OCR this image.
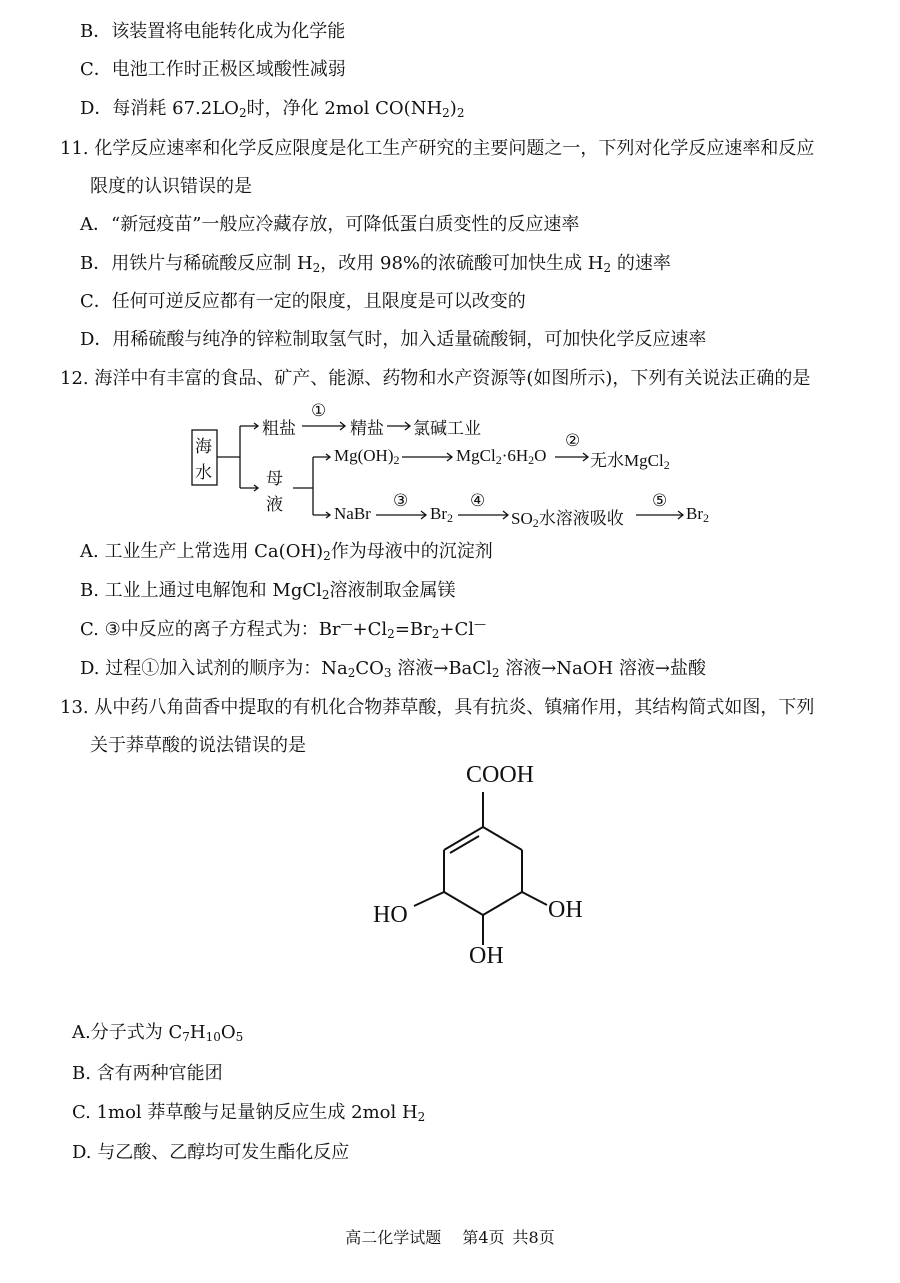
B．该装置将电能转化成为化学能
C．电池工作时正极区域酸性减弱
D．每消耗 $67.2LO_2$时，净化 2mol $CO(NH_2)_2$
11. 化学反应速率和化学反应限度是化工生产研究的主要问题之一，下列对化学反应速率和反应
限度的认识错误的是
A．“新冠疫苗”一般应冷藏存放，可降低蛋白质变性的反应速率
B．用铁片与稀硫酸反应制 $H_2$，改用 98%的浓硫酸可加快生成 $H_2$ 的速率
C．任何可逆反应都有一定的限度，且限度是可以改变的
D．用稀硫酸与纯净的锌粒制取氢气时，加入适量硫酸铜，可加快化学反应速率
12. 海洋中有丰富的食品、矿产、能源、药物和水产资源等(如图所示)，下列有关说法正确的是
海
水
粗盐
①
精盐 氯碱工业
母
液
$Mg(OH)_2$	$MgCl_2\cdot 6H_2O$
②
无水MgCl$_2$
NaBr
③
$Br_2$
④
$SO_2$水溶液吸收
⑤
$Br_2$
A. 工业生产上常选用 $Ca(OH)_2$作为母液中的沉淀剂
B. 工业上通过电解饱和 MgCl$_2$溶液制取金属镁
C. ③中反应的离子方程式为：$Br^—+Cl_2=Br_2+Cl^—$
D. 过程①加入试剂的顺序为：$Na_2CO_3$ 溶液→BaCl$_2$ 溶液→NaOH 溶液→盐酸
13. 从中药八角茴香中提取的有机化合物莽草酸，具有抗炎、镇痛作用，其结构简式如图，下列
关于莽草酸的说法错误的是
COOH
HO	OH
OH
A.分子式为 $C_7H_{10}O_5$
B. 含有两种官能团
C. 1mol 莽草酸与足量钠反应生成 2mol $H_2$
D. 与乙酸、乙醇均可发生酯化反应
高二化学试题 第4页 共8页
